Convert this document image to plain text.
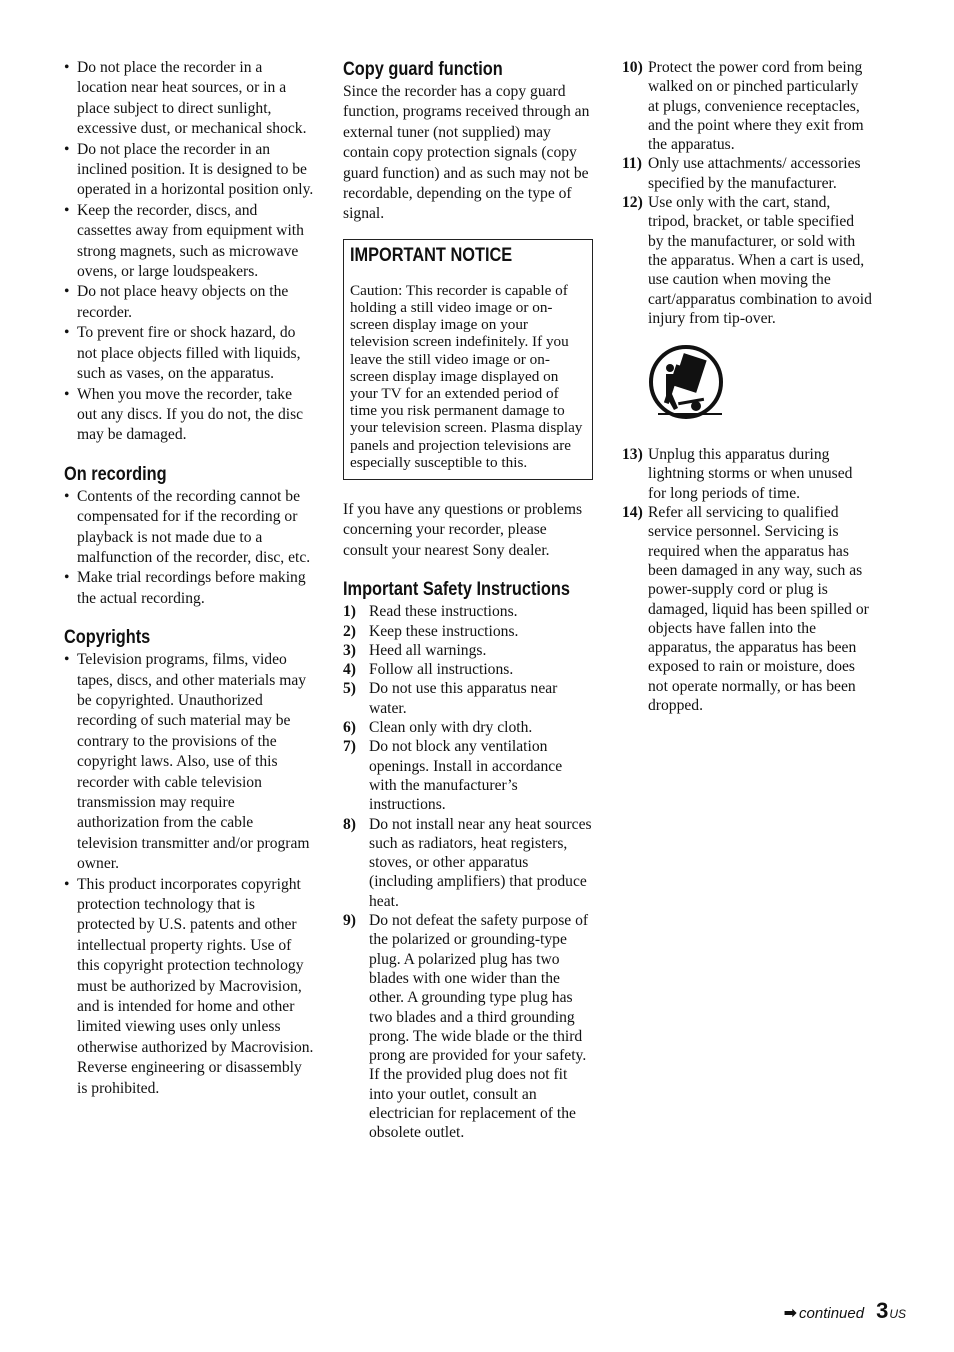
• Do not place the recorder in a location near heat sources, or in a place subject to direct sunlight, excessive dust, or mechanical shock.
• Do not place the recorder in an inclined position. It is designed to be operated in a horizontal position only.
• Keep the recorder, discs, and cassettes away from equipment with strong magnets, such as microwave ovens, or large loudspeakers.
• Do not place heavy objects on the recorder.
• To prevent fire or shock hazard, do not place objects filled with liquids, such as vases, on the apparatus.
• When you move the recorder, take out any discs. If you do not, the disc may be damaged.
On recording
• Contents of the recording cannot be compensated for if the recording or playback is not made due to a malfunction of the recorder, disc, etc.
• Make trial recordings before making the actual recording.
Copyrights
• Television programs, films, video tapes, discs, and other materials may be copyrighted. Unauthorized recording of such material may be contrary to the provisions of the copyright laws. Also, use of this recorder with cable television transmission may require authorization from the cable television transmitter and/or program owner.
• This product incorporates copyright protection technology that is protected by U.S. patents and other intellectual property rights. Use of this copyright protection technology must be authorized by Macrovision, and is intended for home and other limited viewing uses only unless otherwise authorized by Macrovision. Reverse engineering or disassembly is prohibited.
Copy guard function

Since the recorder has a copy guard function, programs received through an external tuner (not supplied) may contain copy protection signals (copy guard function) and as such may not be recordable, depending on the type of signal.

IMPORTANT NOTICE

Caution: This recorder is capable of holding a still video image or on-screen display image on your television screen indefinitely. If you leave the still video image or on-screen display image displayed on your TV for an extended period of time you risk permanent damage to your television screen. Plasma display panels and projection televisions are especially susceptible to this.

If you have any questions or problems concerning your recorder, please consult your nearest Sony dealer.

Important Safety Instructions
1) Read these instructions.
2) Keep these instructions.
3) Heed all warnings.
4) Follow all instructions.
5) Do not use this apparatus near water.
6) Clean only with dry cloth.
7) Do not block any ventilation openings. Install in accordance with the manufacturer’s instructions.
8) Do not install near any heat sources such as radiators, heat registers, stoves, or other apparatus (including amplifiers) that produce heat.
9) Do not defeat the safety purpose of the polarized or grounding-type plug. A polarized plug has two blades with one wider than the other. A grounding type plug has two blades and a third grounding prong. The wide blade or the third prong are provided for your safety. If the provided plug does not fit into your outlet, consult an electrician for replacement of the obsolete outlet.
10) Protect the power cord from being walked on or pinched particularly at plugs, convenience receptacles, and the point where they exit from the apparatus.
11) Only use attachments/ accessories specified by the manufacturer.
12) Use only with the cart, stand, tripod, bracket, or table specified by the manufacturer, or sold with the apparatus. When a cart is used, use caution when moving the cart/apparatus combination to avoid injury from tip-over.
13) Unplug this apparatus during lightning storms or when unused for long periods of time.
14) Refer all servicing to qualified service personnel. Servicing is required when the apparatus has been damaged in any way, such as power-supply cord or plug is damaged, liquid has been spilled or objects have fallen into the apparatus, the apparatus has been exposed to rain or moisture, does not operate normally, or has been dropped.
➡ continued 3 US
